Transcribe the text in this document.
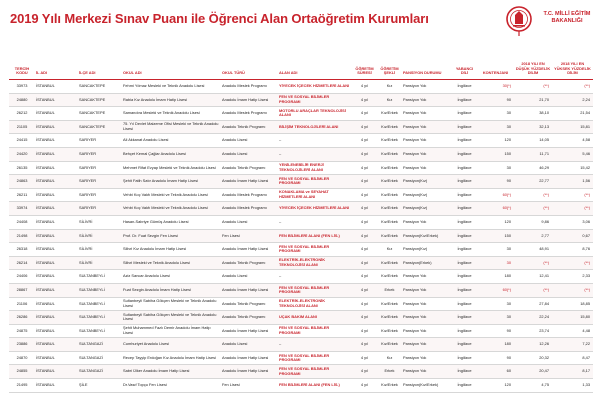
2019 Yılı Merkezi Sınav Puanı ile Öğrenci Alan Ortaöğretim Kurumları	T.C. MİLLİ EĞİTİM
BAKANLIĞI
TERCİH KODU	İL ADI	İLÇE ADI	OKUL ADI	OKUL TÜRÜ	ALAN ADI	ÖĞRETİM SÜRESİ	ÖĞRETİM ŞEKLİ	PANSİYON DURUMU	YABANCI DİLİ	KONTENJANI	2018 YILI EN DÜŞÜK YÜZDELİK DİLİM	2018 YILI EN YÜKSEK YÜZDELİK DİLİM
33973	İSTANBUL	SANCAKTEPE	Fehmi Yılmaz Mesleki ve Teknik Anadolu Lisesi	Anadolu Meslek Programı	YİYECEK İÇECEK HİZMETLERİ ALANI	4 yıl	Kız	Pansiyon Yok	İngilizce	30(*)	(**)	(**)
24880	İSTANBUL	SANCAKTEPE	Rabia Kız Anadolu İmam Hatip Lisesi	Anadolu İmam Hatip Lisesi	FEN VE SOSYAL BİLİMLER PROGRAMI	4 yıl	Kız	Pansiyon Yok	İngilizce	90	21,70	2,24
26212	İSTANBUL	SANCAKTEPE	Samandıra Mesleki ve Teknik Anadolu Lisesi	Anadolu Meslek Programı	MOTORLU ARAÇLAR TEKNOLOJİSİ ALANI	4 yıl	Kız/Erkek	Pansiyon Yok	İngilizce	30	38,10	21,54
21105	İSTANBUL	SANCAKTEPE	75. Yıl Devlet Malzeme Ofisi Mesleki ve Teknik Anadolu Lisesi	Anadolu Teknik Programı	BİLİŞİM TEKNOLOJİLERİ ALANI	4 yıl	Kız/Erkek	Pansiyon Yok	İngilizce	30	32,13	15,81
24415	İSTANBUL	SARIYER	Ali Akkanat Anadolu Lisesi	Anadolu Lisesi	–	4 yıl	Kız/Erkek	Pansiyon Yok	İngilizce	120	14,05	4,58
24420	İSTANBUL	SARIYER	Behçet Kemal Çağlar Anadolu Lisesi	Anadolu Lisesi	–	4 yıl	Kız/Erkek	Pansiyon Yok	İngilizce	150	11,71	5,46
26135	İSTANBUL	SARIYER	Mehmet Rifat Evyap Mesleki ve Teknik Anadolu Lisesi	Anadolu Teknik Programı	YENİLENEBİLİR ENERJİ TEKNOLOJİLERİ ALANI	4 yıl	Kız/Erkek	Pansiyon Yok	İngilizce	30	46,29	15,42
24863	İSTANBUL	SARIYER	Şehit Fatih Satır Anadolu İmam Hatip Lisesi	Anadolu İmam Hatip Lisesi	FEN VE SOSYAL BİLİMLER PROGRAMI	4 yıl	Kız/Erkek	Pansiyon(Kız)	İngilizce	90	22,77	1,56
26211	İSTANBUL	SARIYER	Vehbi Koç Vakfı Mesleki ve Teknik Anadolu Lisesi	Anadolu Meslek Programı	KONAKLAMA ve SEYAHAT HİZMETLERİ ALANI	4 yıl	Kız/Erkek	Pansiyon(Kız)	İngilizce	60(*)	(**)	(**)
33974	İSTANBUL	SARIYER	Vehbi Koç Vakfı Mesleki ve Teknik Anadolu Lisesi	Anadolu Meslek Programı	YİYECEK İÇECEK HİZMETLERİ ALANI	4 yıl	Kız/Erkek	Pansiyon(Kız)	İngilizce	60(*)	(**)	(**)
24408	İSTANBUL	SİLİVRİ	Hasan-Sabriye Gümüş Anadolu Lisesi	Anadolu Lisesi	–	4 yıl	Kız/Erkek	Pansiyon Yok	İngilizce	120	9,86	3,06
21498	İSTANBUL	SİLİVRİ	Prof. Dr. Fuat Sezgin Fen Lisesi	Fen Lisesi	FEN BİLİMLERİ ALANI (FEN LİS.)	4 yıl	Kız/Erkek	Pansiyon(Kız/Erkek)	İngilizce	150	2,77	0,67
26318	İSTANBUL	SİLİVRİ	Silivri Kız Anadolu İmam Hatip Lisesi	Anadolu İmam Hatip Lisesi	FEN VE SOSYAL BİLİMLER PROGRAMI	4 yıl	Kız	Pansiyon(Kız)	İngilizce	30	48,91	8,76
26214	İSTANBUL	SİLİVRİ	Silivri Mesleki ve Teknik Anadolu Lisesi	Anadolu Teknik Programı	ELEKTRİK-ELEKTRONİK TEKNOLOJİSİ ALANI	4 yıl	Kız/Erkek	Pansiyon(Erkek)	İngilizce	30	(**)	(**)
24406	İSTANBUL	SULTANBEYLİ	Aziz Sancar Anadolu Lisesi	Anadolu Lisesi	–	4 yıl	Kız/Erkek	Pansiyon Yok	İngilizce	180	12,41	2,33
28867	İSTANBUL	SULTANBEYLİ	Fuat Sezgin Anadolu İmam Hatip Lisesi	Anadolu İmam Hatip Lisesi	FEN VE SOSYAL BİLİMLER PROGRAMI	4 yıl	Erkek	Pansiyon Yok	İngilizce	60(*)	(**)	(**)
21106	İSTANBUL	SULTANBEYLİ	Sultanbeyli Sabiha Gökçen Mesleki ve Teknik Anadolu Lisesi	Anadolu Teknik Programı	ELEKTRİK-ELEKTRONİK TEKNOLOJİSİ ALANI	4 yıl	Kız/Erkek	Pansiyon Yok	İngilizce	30	27,84	18,85
26286	İSTANBUL	SULTANBEYLİ	Sultanbeyli Sabiha Gökçen Mesleki ve Teknik Anadolu Lisesi	Anadolu Teknik Programı	UÇAK BAKIM ALANI	4 yıl	Kız/Erkek	Pansiyon Yok	İngilizce	30	22,24	15,80
24875	İSTANBUL	SULTANBEYLİ	Şehit Muhammed Fazlı Demir Anadolu İmam Hatip Lisesi	Anadolu İmam Hatip Lisesi	FEN VE SOSYAL BİLİMLER PROGRAMI	4 yıl	Kız/Erkek	Pansiyon Yok	İngilizce	90	23,74	4,48
23886	İSTANBUL	SULTANGAZİ	Cumhuriyet Anadolu Lisesi	Anadolu Lisesi	–	4 yıl	Kız/Erkek	Pansiyon Yok	İngilizce	180	12,26	7,22
24870	İSTANBUL	SULTANGAZİ	Recep Tayyip Erdoğan Kız Anadolu İmam Hatip Lisesi	Anadolu İmam Hatip Lisesi	FEN VE SOSYAL BİLİMLER PROGRAMI	4 yıl	Kız	Pansiyon Yok	İngilizce	90	20,32	8,47
24855	İSTANBUL	SULTANGAZİ	Sabri Ülker Anadolu İmam Hatip Lisesi	Anadolu İmam Hatip Lisesi	FEN VE SOSYAL BİLİMLER PROGRAMI	4 yıl	Erkek	Pansiyon Yok	İngilizce	60	20,47	8,17
21495	İSTANBUL	ŞİLE	Dr.Vasıf Topçu Fen Lisesi	Fen Lisesi	FEN BİLİMLERİ ALANI (FEN LİS.)	4 yıl	Kız/Erkek	Pansiyon(Kız/Erkek)	İngilizce	120	4,75	1,33
